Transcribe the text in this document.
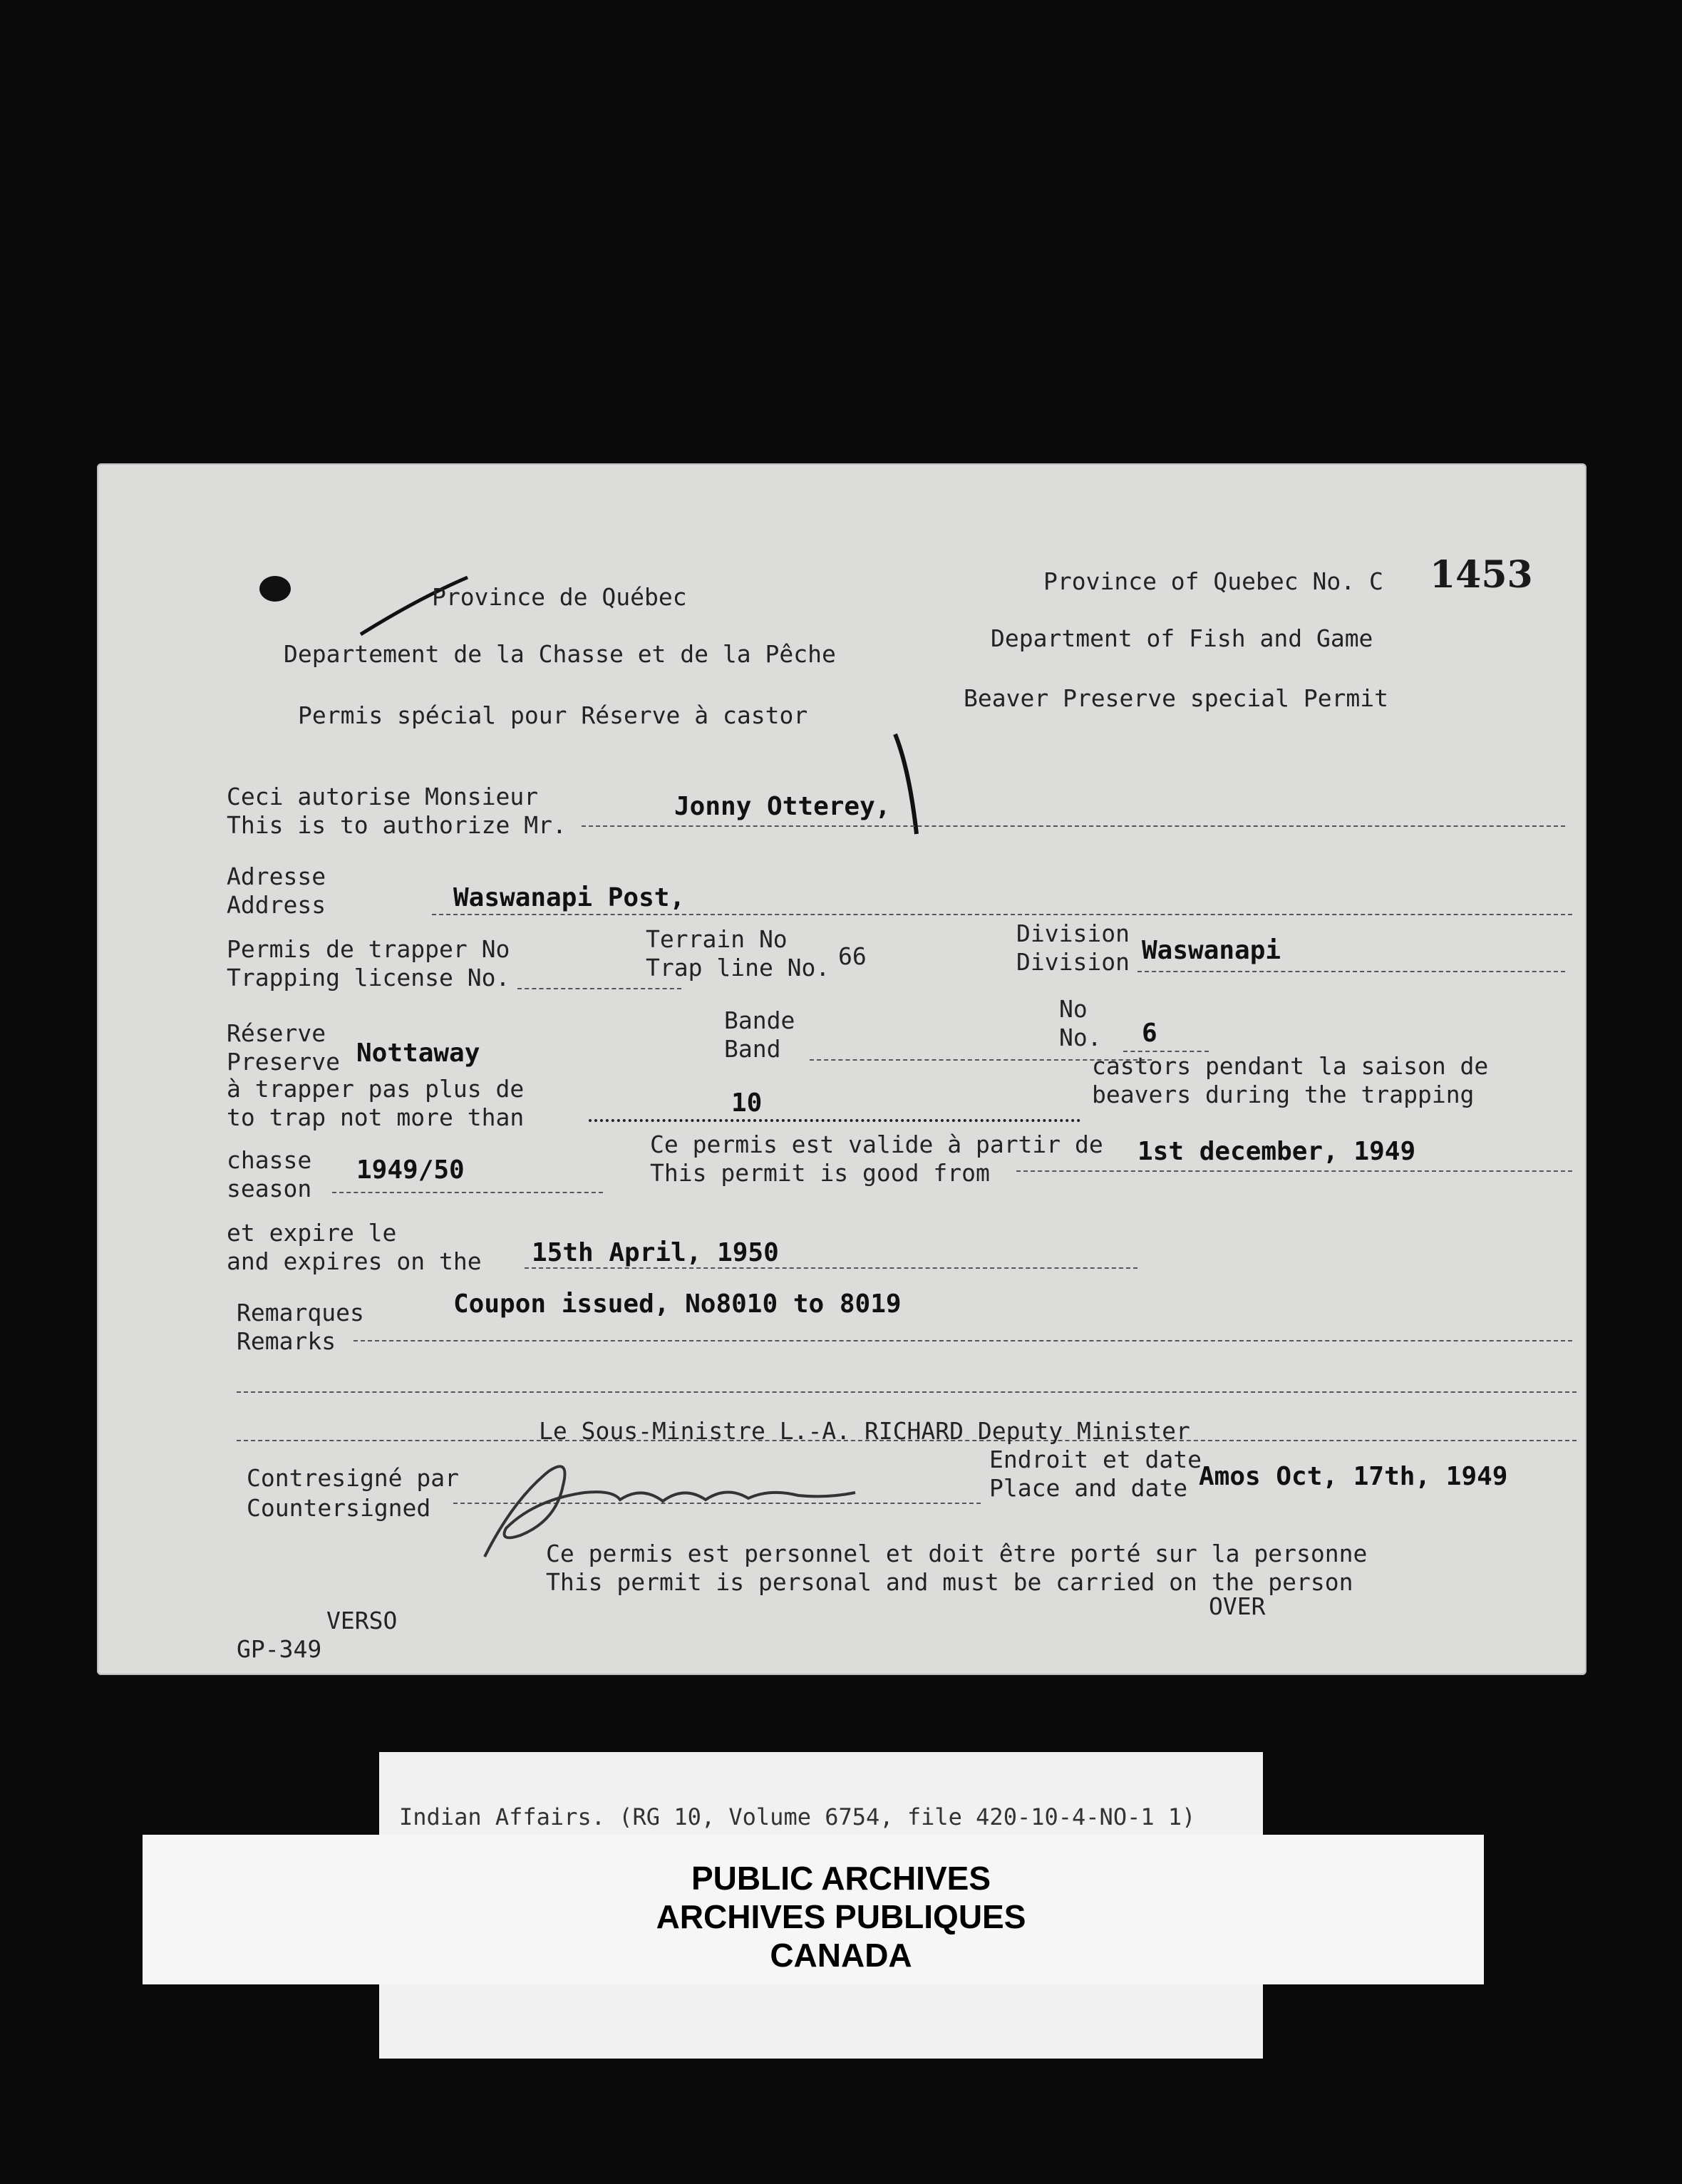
Province de Québec
Departement de la Chasse et de la Pêche
Permis spécial pour Réserve à castor
Province of Quebec No. C 1453
Department of Fish and Game
Beaver Preserve special Permit
Ceci autorise Monsieur
This is to authorize Mr.
Jonny Otterey,
Adresse
Address	Waswanapi Post,
Permis de trapper No
Trapping license No.
Terrain No
Trap line No. 66
Division
Division Waswanapi
Réserve
Preserve Nottaway
Bande
Band
No
No. 6
à trapper pas plus de
to trap not more than	10
castors pendant la saison de
beavers during the trapping
chasse
season
1949/50
Ce permis est valide à partir de
This permit is good from
1st december, 1949
et expire le
and expires on the 15th April, 1950
Remarques
Remarks
Coupon issued, No8010 to 8019
Le Sous-Ministre L.-A. RICHARD Deputy Minister
Endroit et date
Place and date Amos Oct, 17th, 1949
Contresigné par
Countersigned
Ce permis est personnel et doit être porté sur la personne
This permit is personal and must be carried on the person
OVER
VERSO
GP-349
Indian Affairs. (RG 10, Volume 6754, file 420-10-4-NO-1 1)
PUBLIC ARCHIVES
ARCHIVES PUBLIQUES
CANADA
